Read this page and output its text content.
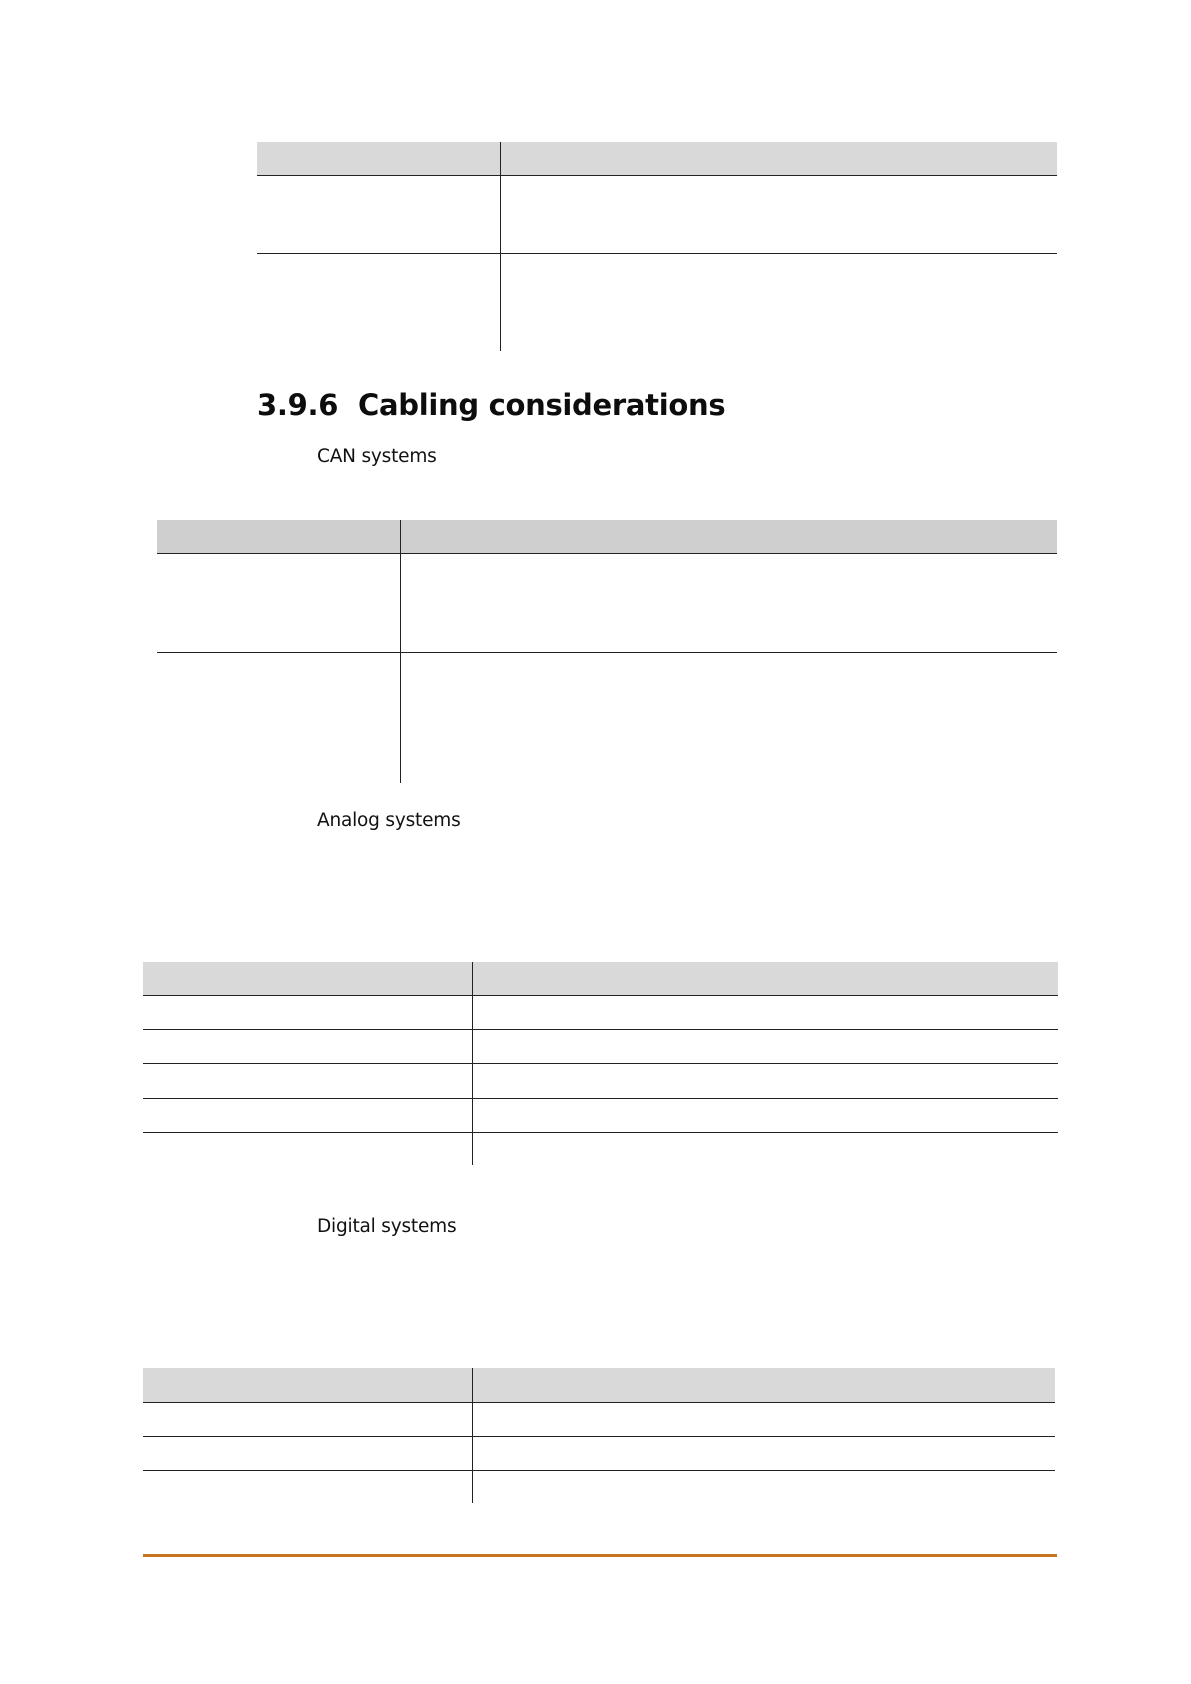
3.9.6 Cabling considerations
CAN systems

Analog systems

Digital systems
